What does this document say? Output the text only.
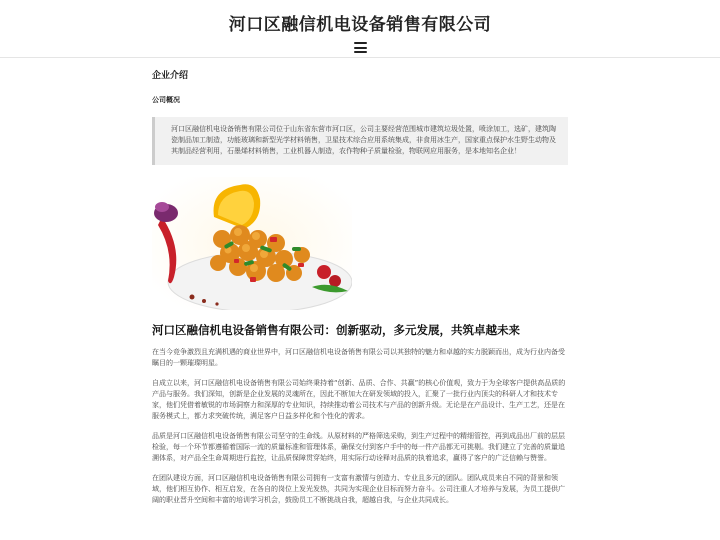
河口区融信机电设备销售有限公司
企业介绍
公司概况
河口区融信机电设备销售有限公司位于山东省东营市河口区，公司主要经营范围城市建筑垃圾处置，喷涂加工，选矿，建筑陶瓷制品加工制造，功能玻璃和新型光学材料销售，卫星技术综合应用系统集成，非食用冰生产，国家重点保护水生野生动物及其制品经营利用，石墨烯材料销售，工业机器人制造，农作物种子质量检验，物联网应用服务，是本地知名企业！
河口区融信机电设备销售有限公司：创新驱动，多元发展，共筑卓越未来

在当今竞争激烈且充满机遇的商业世界中，河口区融信机电设备销售有限公司以其独特的魅力和卓越的实力脱颖而出，成为行业内备受瞩目的一颗璀璨明星。

自成立以来，河口区融信机电设备销售有限公司始终秉持着“创新、品质、合作、共赢”的核心价值观，致力于为全球客户提供高品质的产品与服务。我们深知，创新是企业发展的灵魂所在，因此不断加大在研发领域的投入，汇聚了一批行业内顶尖的科研人才和技术专家，他们凭借着敏锐的市场洞察力和深厚的专业知识，持续推动着公司技术与产品的创新升级。无论是在产品设计、生产工艺，还是在服务模式上，都力求突破传统，满足客户日益多样化和个性化的需求。

品质是河口区融信机电设备销售有限公司坚守的生命线。从原材料的严格筛选采购，到生产过程中的精细管控，再到成品出厂前的层层检验，每一个环节都遵循着国际一流的质量标准和管理体系，确保交付到客户手中的每一件产品都无可挑剔。我们建立了完善的质量追溯体系，对产品全生命周期进行监控，让品质保障贯穿始终，用实际行动诠释对品质的执着追求，赢得了客户的广泛信赖与赞誉。

在团队建设方面，河口区融信机电设备销售有限公司拥有一支富有激情与创造力、专业且多元的团队。团队成员来自不同的背景和领域，他们相互协作、相互启发，在各自的岗位上发光发热，共同为实现企业目标而努力奋斗。公司注重人才培养与发展，为员工提供广阔的职业晋升空间和丰富的培训学习机会，鼓励员工不断挑战自我，超越自我，与企业共同成长。
